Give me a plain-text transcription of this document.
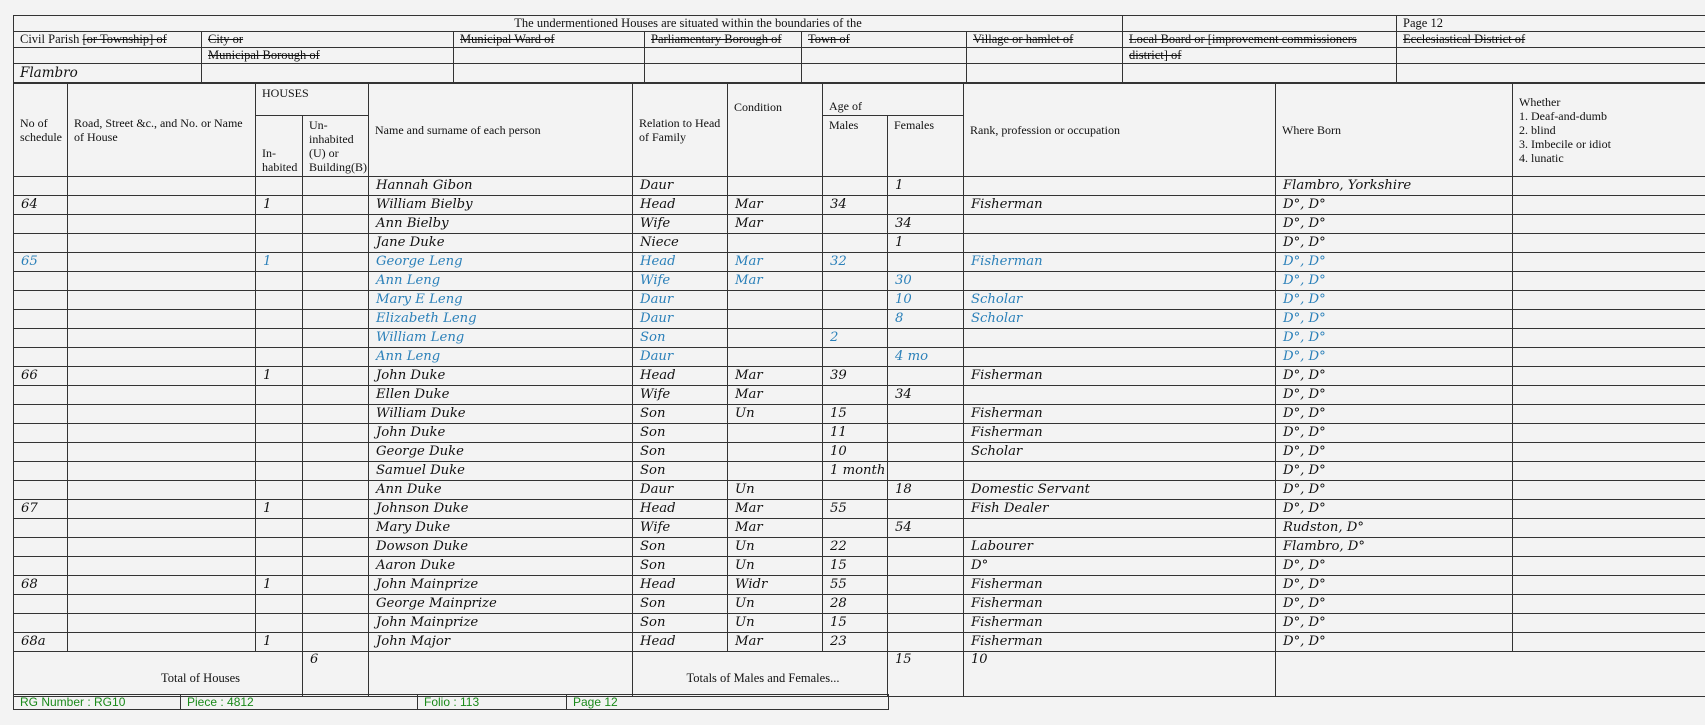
The undermentioned Houses are situated within the boundaries of the							Page 12
Civil Parish [or Township] of	City or	Municipal Ward of	Parliamentary Borough of	Town of	Village or hamlet of	Local Board or [improvement commissioners	Ecclesiastical District of
	Municipal Borough of					district] of	
Flambro							
No of schedule	Road, Street &c., and No. or Name of House	HOUSES		Name and surname of each person	Relation to Head of Family	Condition	Age of		Rank, profession or occupation	Where Born	Whether
1. Deaf-and-dumb
2. blind
3. Imbecile or idiot
4. lunatic

		In- habited	Un- inhabited (U) or Building(B)				Males	Females			
				Hannah Gibon	Daur			1		Flambro, Yorkshire	
64		1		William Bielby	Head	Mar	34		Fisherman	D°, D°	
				Ann Bielby	Wife	Mar		34		D°, D°	
				Jane Duke	Niece			1		D°, D°	
65		1		George Leng	Head	Mar	32		Fisherman	D°, D°	
				Ann Leng	Wife	Mar		30		D°, D°	
				Mary E Leng	Daur			10	Scholar	D°, D°	
				Elizabeth Leng	Daur			8	Scholar	D°, D°	
				William Leng	Son		2			D°, D°	
				Ann Leng	Daur			4 mo		D°, D°	
66		1		John Duke	Head	Mar	39		Fisherman	D°, D°	
				Ellen Duke	Wife	Mar		34		D°, D°	
				William Duke	Son	Un	15		Fisherman	D°, D°	
				John Duke	Son		11		Fisherman	D°, D°	
				George Duke	Son		10		Scholar	D°, D°	
				Samuel Duke	Son		1 month			D°, D°	
				Ann Duke	Daur	Un		18	Domestic Servant	D°, D°	
67		1		Johnson Duke	Head	Mar	55		Fish Dealer	D°, D°	
				Mary Duke	Wife	Mar		54		Rudston, D°	
				Dowson Duke	Son	Un	22		Labourer	Flambro, D°	
				Aaron Duke	Son	Un	15		D°	D°, D°	
68		1		John Mainprize	Head	Widr	55		Fisherman	D°, D°	
				George Mainprize	Son	Un	28		Fisherman	D°, D°	
				John Mainprize	Son	Un	15		Fisherman	D°, D°	
68a		1		John Major	Head	Mar	23		Fisherman	D°, D°	
Total of Houses			6		Totals of Males and Females...			15	10		
RG Number : RG10	Piece : 4812	Folio : 113	Page 12
